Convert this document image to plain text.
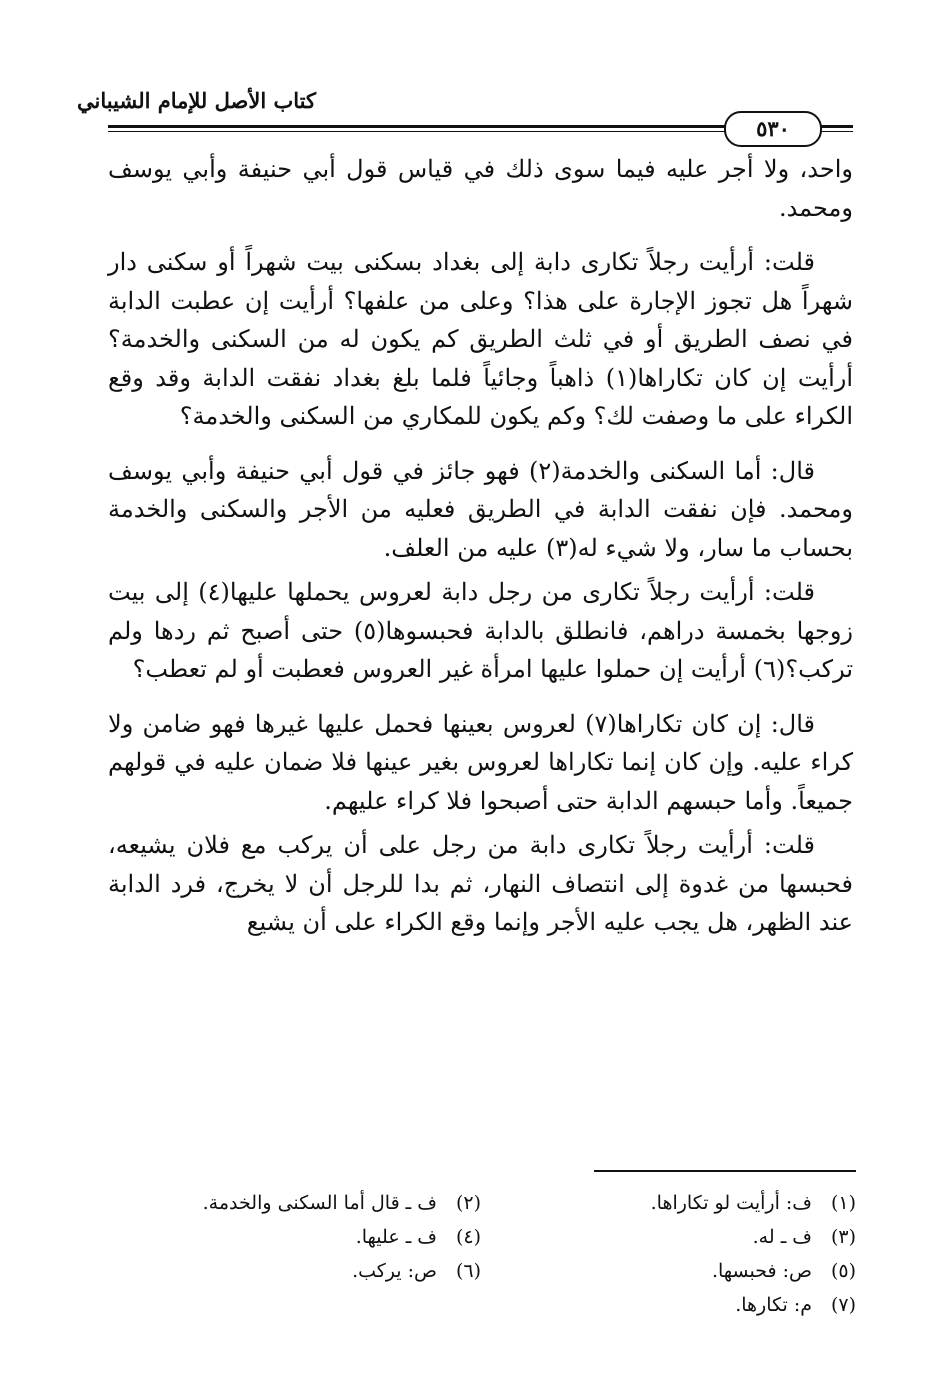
كتاب الأصل للإمام الشيباني
٥٣٠

واحد، ولا أجر عليه فيما سوى ذلك في قياس قول أبي حنيفة وأبي يوسف ومحمد.

قلت: أرأيت رجلاً تكارى دابة إلى بغداد بسكنى بيت شهراً أو سكنى دار شهراً هل تجوز الإجارة على هذا؟ وعلى من علفها؟ أرأيت إن عطبت الدابة في نصف الطريق أو في ثلث الطريق كم يكون له من السكنى والخدمة؟ أرأيت إن كان تكاراها(١) ذاهباً وجائياً فلما بلغ بغداد نفقت الدابة وقد وقع الكراء على ما وصفت لك؟ وكم يكون للمكاري من السكنى والخدمة؟

قال: أما السكنى والخدمة(٢) فهو جائز في قول أبي حنيفة وأبي يوسف ومحمد. فإن نفقت الدابة في الطريق فعليه من الأجر والسكنى والخدمة بحساب ما سار، ولا شيء له(٣) عليه من العلف.

قلت: أرأيت رجلاً تكارى من رجل دابة لعروس يحملها عليها(٤) إلى بيت زوجها بخمسة دراهم، فانطلق بالدابة فحبسوها(٥) حتى أصبح ثم ردها ولم تركب؟(٦) أرأيت إن حملوا عليها امرأة غير العروس فعطبت أو لم تعطب؟

قال: إن كان تكاراها(٧) لعروس بعينها فحمل عليها غيرها فهو ضامن ولا كراء عليه. وإن كان إنما تكاراها لعروس بغير عينها فلا ضمان عليه في قولهم جميعاً. وأما حبسهم الدابة حتى أصبحوا فلا كراء عليهم.

قلت: أرأيت رجلاً تكارى دابة من رجل على أن يركب مع فلان يشيعه، فحبسها من غدوة إلى انتصاف النهار، ثم بدا للرجل أن لا يخرج، فرد الدابة عند الظهر، هل يجب عليه الأجر وإنما وقع الكراء على أن يشيع

(١)ف: أرأيت لو تكاراها.
(٣)ف ـ له.
(٥)ص: فحبسها.
(٧)م: تكارها.
(٢)ف ـ قال أما السكنى والخدمة.
(٤)ف ـ عليها.
(٦)ص: يركب.
